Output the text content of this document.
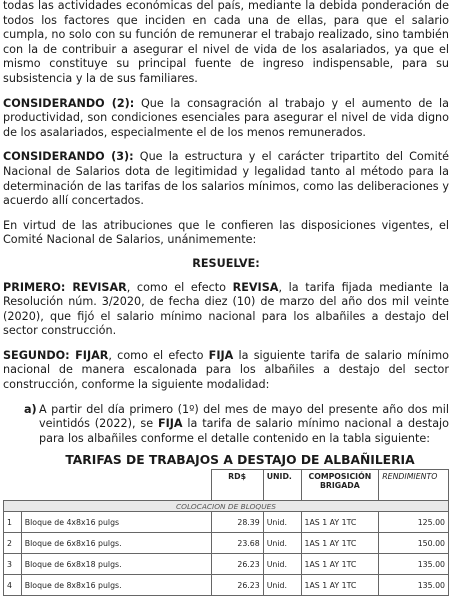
todas las actividades económicas del país, mediante la debida ponderación de todos los factores que inciden en cada una de ellas, para que el salario cumpla, no solo con su función de remunerar el trabajo realizado, sino también con la de contribuir a asegurar el nivel de vida de los asalariados, ya que el mismo constituye su principal fuente de ingreso indispensable, para su subsistencia y la de sus familiares.

CONSIDERANDO (2): Que la consagración al trabajo y el aumento de la productividad, son condiciones esenciales para asegurar el nivel de vida digno de los asalariados, especialmente el de los menos remunerados.

CONSIDERANDO (3): Que la estructura y el carácter tripartito del Comité Nacional de Salarios dota de legitimidad y legalidad tanto al método para la determinación de las tarifas de los salarios mínimos, como las deliberaciones y acuerdo allí concertados.

En virtud de las atribuciones que le confieren las disposiciones vigentes, el Comité Nacional de Salarios, unánimemente:

RESUELVE:

PRIMERO: REVISAR, como el efecto REVISA, la tarifa fijada mediante la Resolución núm. 3/2020, de fecha diez (10) de marzo del año dos mil veinte (2020), que fijó el salario mínimo nacional para los albañiles a destajo del sector construcción.

SEGUNDO: FIJAR, como el efecto FIJA la siguiente tarifa de salario mínimo nacional de manera escalonada para los albañiles a destajo del sector construcción, conforme la siguiente modalidad:

a) A partir del día primero (1º) del mes de mayo del presente año dos mil veintidós (2022), se FIJA la tarifa de salario mínimo nacional a destajo para los albañiles conforme el detalle contenido en la tabla siguiente:

TARIFAS DE TRABAJOS A DESTAJO DE ALBAÑILERIA
		RD$	UNID.	COMPOSICIÓN BRIGADA	RENDIMIENTO
COLOCACION DE BLOQUES					
1	Bloque de 4x8x16 pulgs	28.39	Unid.	1AS 1 AY 1TC	125.00
2	Bloque de 6x8x16 pulgs.	23.68	Unid.	1AS 1 AY 1TC	150.00
3	Bloque de 6x8x18 pulgs.	26.23	Unid.	1AS 1 AY 1TC	135.00
4	Bloque de 8x8x16 pulgs.	26.23	Unid.	1AS 1 AY 1TC	135.00
